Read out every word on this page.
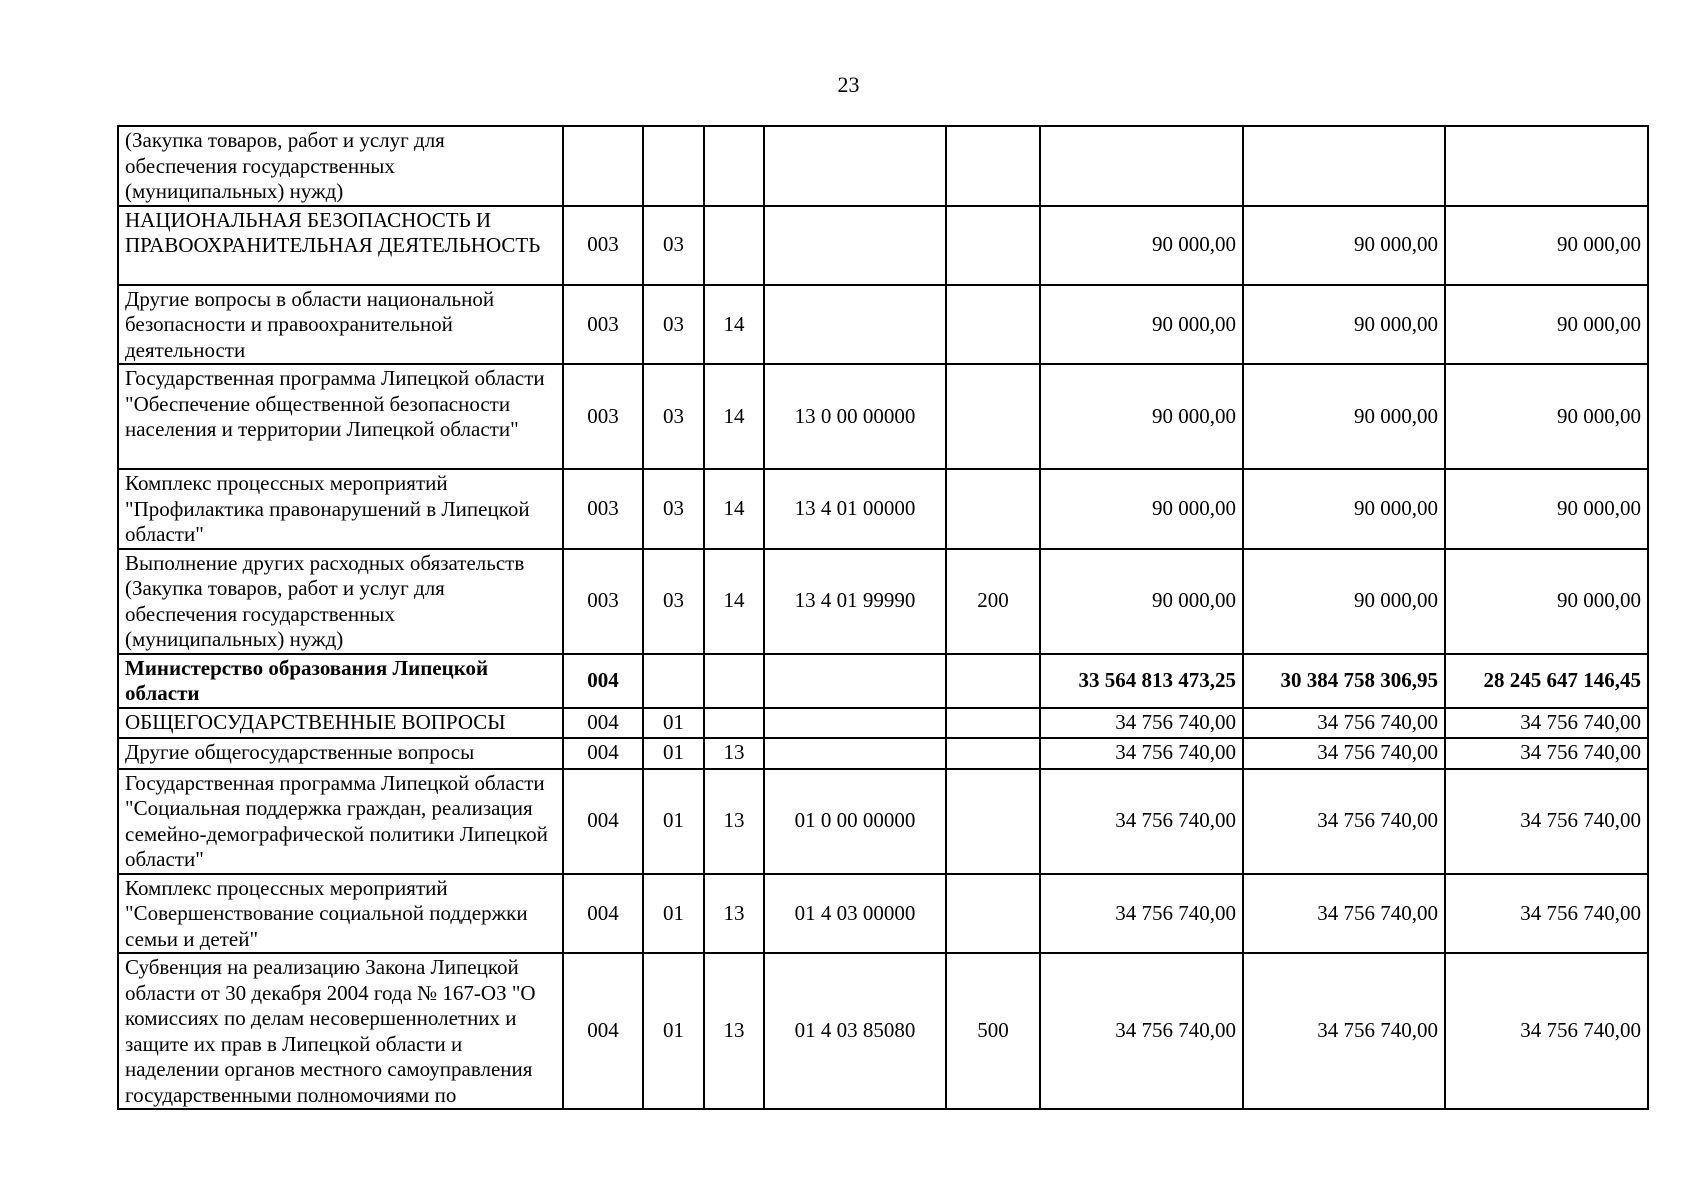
23
(Закупка товаров, работ и услуг для обеспечения государственных (муниципальных) нужд)								
НАЦИОНАЛЬНАЯ БЕЗОПАСНОСТЬ И ПРАВООХРАНИТЕЛЬНАЯ ДЕЯТЕЛЬНОСТЬ	003	03				90 000,00	90 000,00	90 000,00
Другие вопросы в области национальной безопасности и правоохранительной деятельности	003	03	14			90 000,00	90 000,00	90 000,00
Государственная программа Липецкой области "Обеспечение общественной безопасности населения и территории Липецкой области"	003	03	14	13 0 00 00000		90 000,00	90 000,00	90 000,00
Комплекс процессных мероприятий "Профилактика правонарушений в Липецкой области"	003	03	14	13 4 01 00000		90 000,00	90 000,00	90 000,00
Выполнение других расходных обязательств (Закупка товаров, работ и услуг для обеспечения государственных (муниципальных) нужд)	003	03	14	13 4 01 99990	200	90 000,00	90 000,00	90 000,00
Министерство образования Липецкой области	004					33 564 813 473,25	30 384 758 306,95	28 245 647 146,45
ОБЩЕГОСУДАРСТВЕННЫЕ ВОПРОСЫ	004	01				34 756 740,00	34 756 740,00	34 756 740,00
Другие общегосударственные вопросы	004	01	13			34 756 740,00	34 756 740,00	34 756 740,00
Государственная программа Липецкой области "Социальная поддержка граждан, реализация семейно-демографической политики Липецкой области"	004	01	13	01 0 00 00000		34 756 740,00	34 756 740,00	34 756 740,00
Комплекс процессных мероприятий "Совершенствование социальной поддержки семьи и детей"	004	01	13	01 4 03 00000		34 756 740,00	34 756 740,00	34 756 740,00
Субвенция на реализацию Закона Липецкой области от 30 декабря 2004 года № 167-ОЗ "О комиссиях по делам несовершеннолетних и защите их прав в Липецкой области и наделении органов местного самоуправления государственными полномочиями по	004	01	13	01 4 03 85080	500	34 756 740,00	34 756 740,00	34 756 740,00
